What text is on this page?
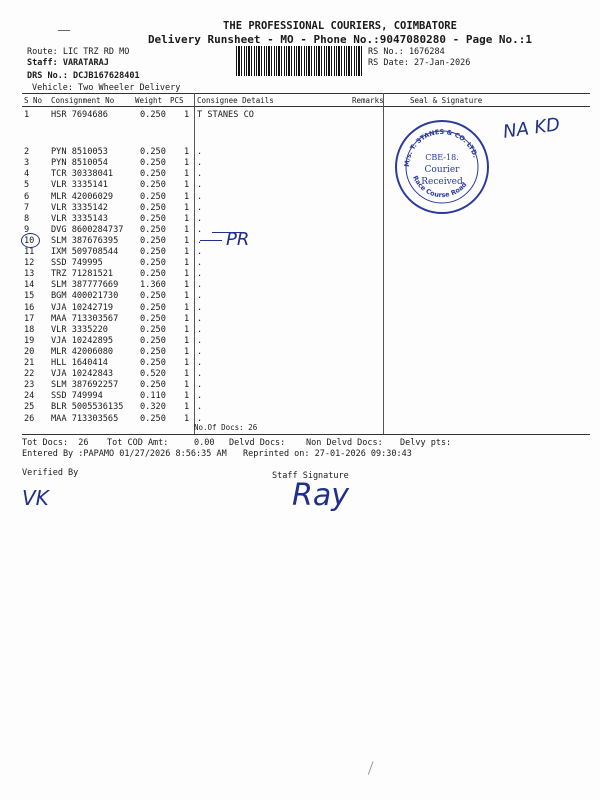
THE PROFESSIONAL COURIERS, COIMBATORE
Delivery Runsheet - MO - Phone No.:9047080280 - Page No.:1
Route: LIC TRZ RD MO
Staff: VARATARAJ
DRS No.: DCJB167628401
Vehicle: Two Wheeler Delivery
RS No.: 1676284
RS Date: 27-Jan-2026
S No Consignment No	Weight PCS Consignee Details	Remarks	Seal & Signature
1	HSR 7694686	0.250 1 T STANES CO
2	PYN 8510053	0.250 1 .
3	PYN 8510054	0.250 1 .
4	TCR 30338041	0.250 1 .
5	VLR 3335141	0.250 1 .
6	MLR 42006029	0.250 1 .
7	VLR 3335142	0.250 1 .
8	VLR 3335143	0.250 1 .
9	DVG 8600284737 0.250 1 .
10 SLM 387676395	0.250 1 .
11 IXM 509708544	0.250 1 .
12 SSD 749995	0.250 1 .
13 TRZ 71281521	0.250 1 .
14 SLM 387777669	1.360 1 .
15 BGM 400021730	0.250 1 .
16 VJA 10242719	0.250 1 .
17 MAA 713303567	0.250 1 .
18 VLR 3335220	0.250 1 .
19 VJA 10242895	0.250 1 .
20 MLR 42006080	0.250 1 .
21 HLL 1640414	0.250 1 .
22 VJA 10242843	0.520 1 .
23 SLM 387692257	0.250 1 .
24 SSD 749994	0.110 1 .
25 BLR 5005536135 0.320 1 .
26 MAA 713303565	0.250 1 .
No.Of Docs: 26
Tot Docs:  26 Tot COD Amt:     0.00 Delvd Docs: Non Delvd Docs: Delvy pts:
Entered By :PAPAMO 01/27/2026 8:56:35 AM Reprinted on: 27-01-2026 09:30:43
Verified By	Staff Signature

M/s. T. STANES & CO. LTD.
Race Course Road
CBE-18.
Courier
Received

NA KD
PR
VK	Ray
